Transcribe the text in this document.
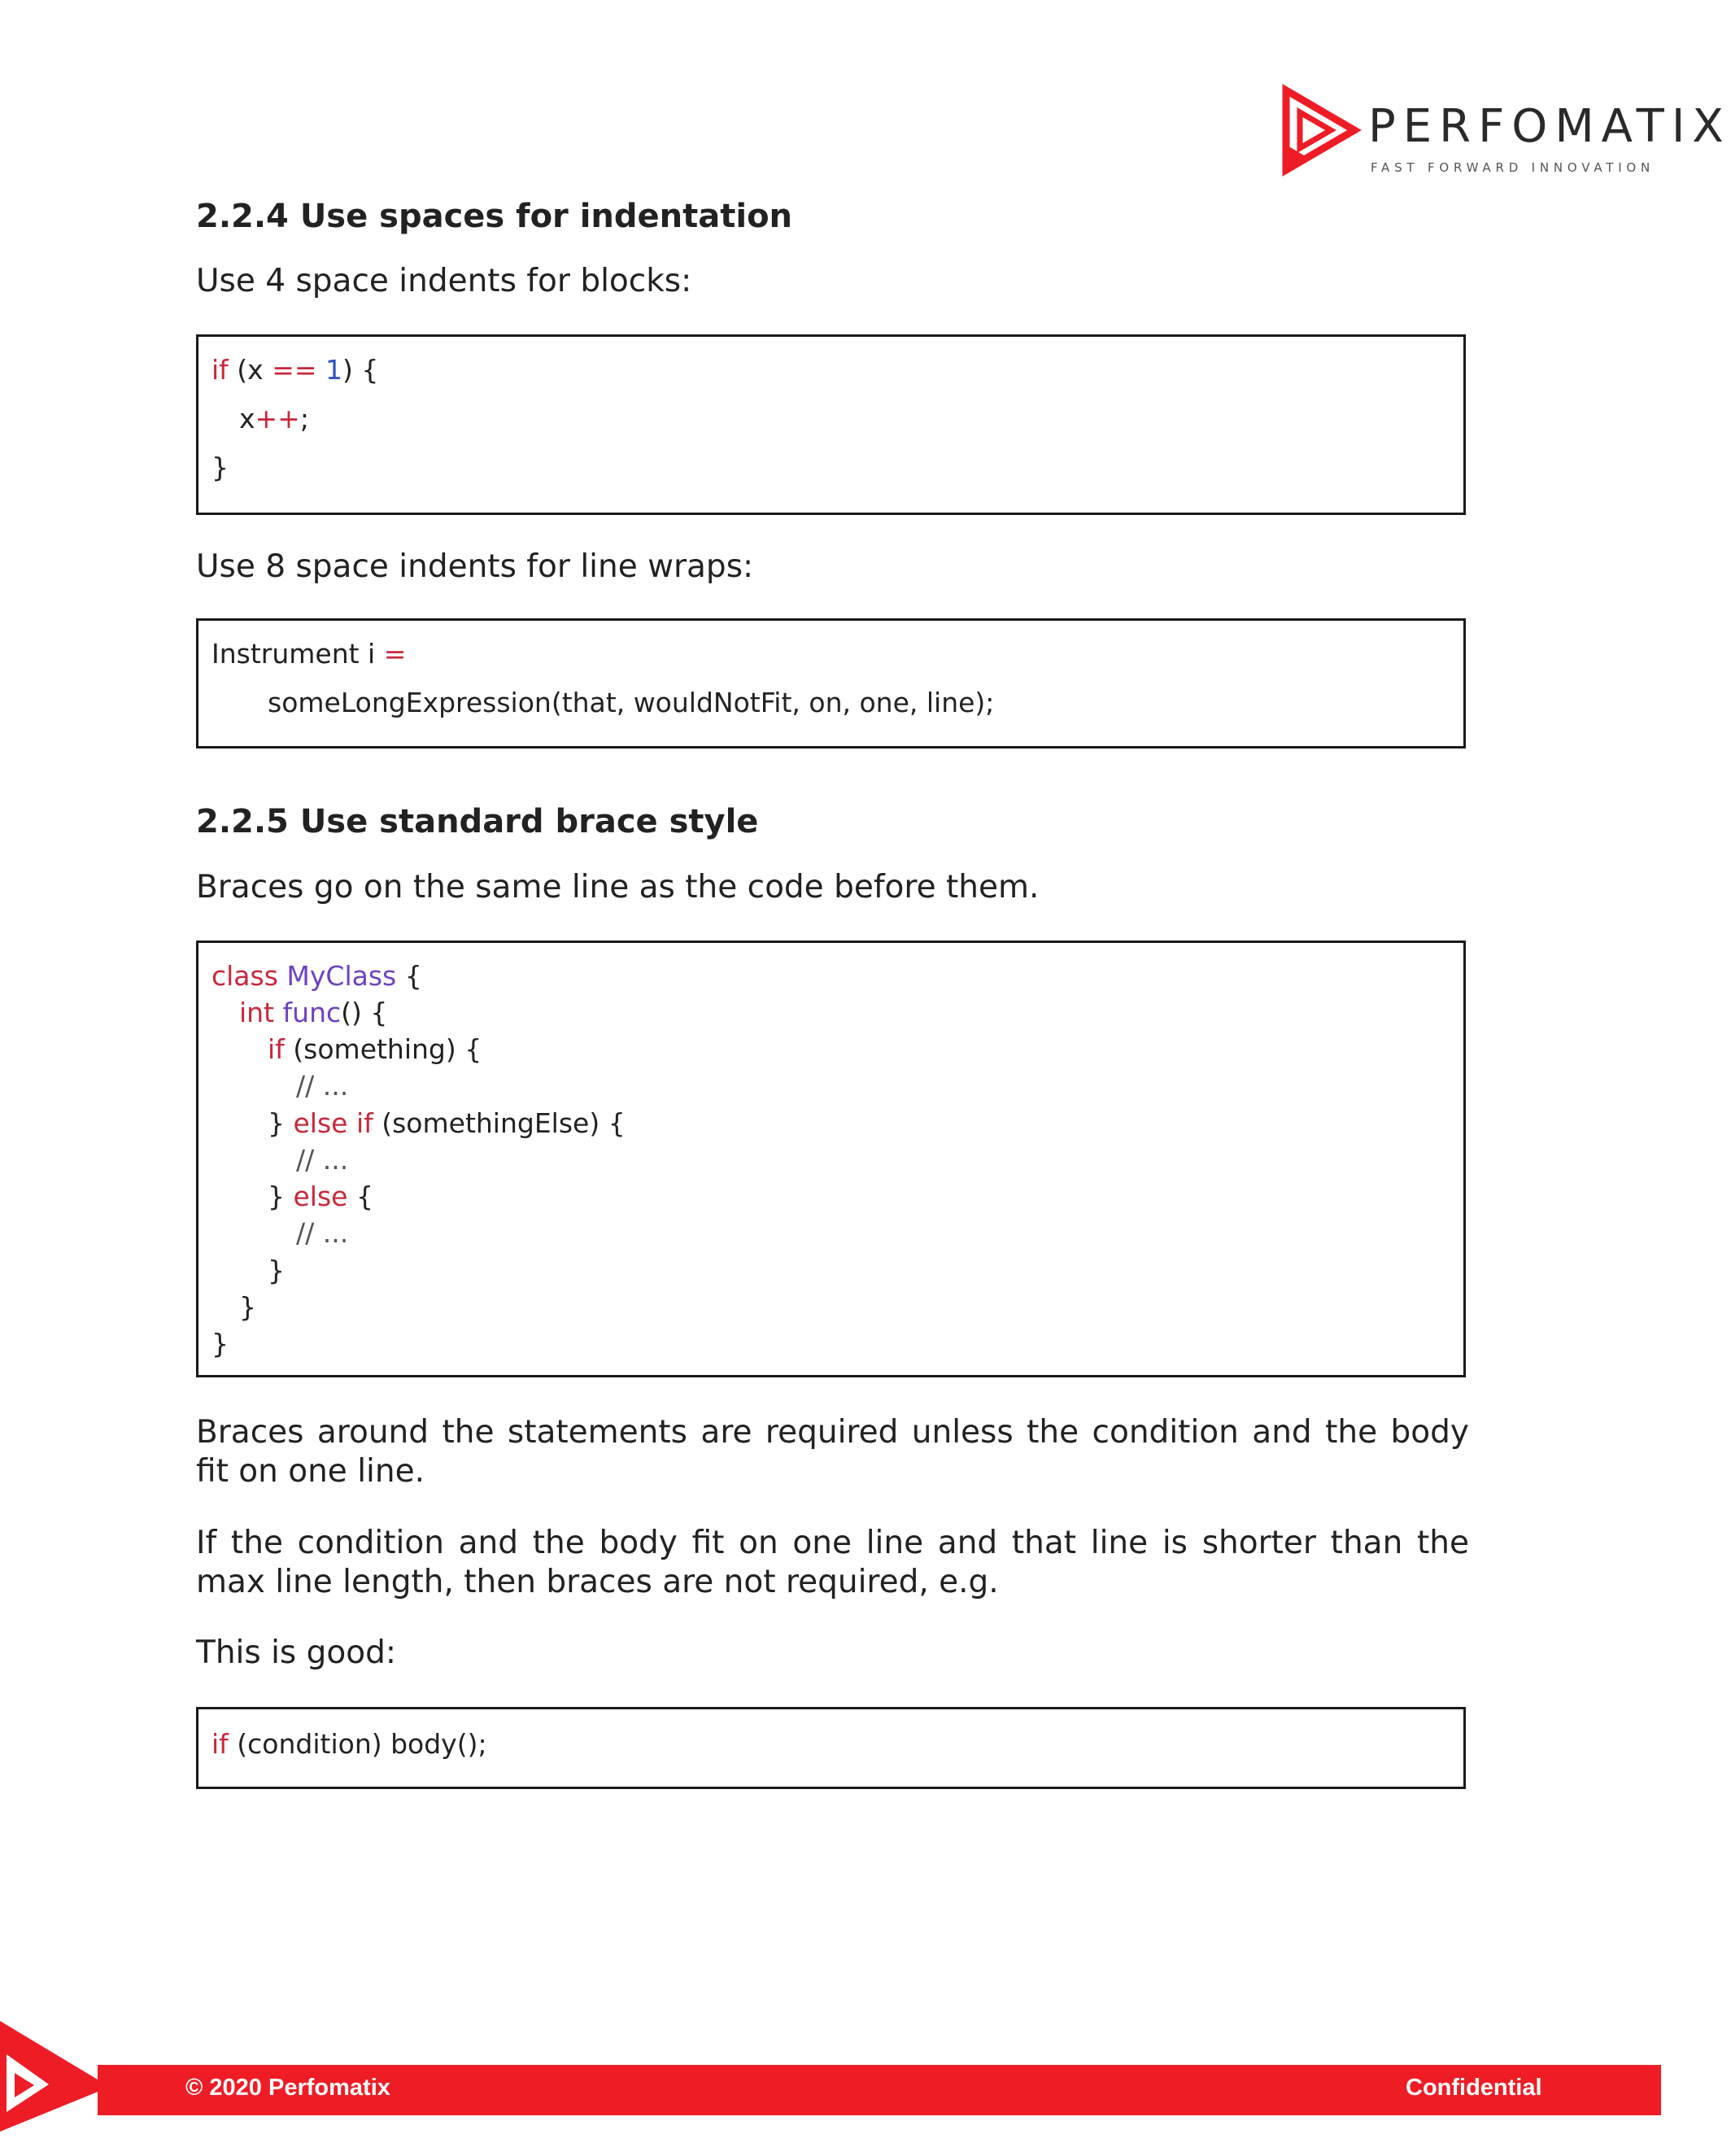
PERFOMATIX
FAST FORWARD INNOVATION
2.2.4 Use spaces for indentation

Use 4 space indents for blocks:

if (x == 1) {
x++;
}

Use 8 space indents for line wraps:

Instrument i =
someLongExpression(that, wouldNotFit, on, one, line);
2.2.5 Use standard brace style

Braces go on the same line as the code before them.

class MyClass {
int func() {
if (something) {
// ...
} else if (somethingElse) {
// ...
} else {
// ...
}
}
}

Braces around the statements are required unless the condition and the body fit on one line.

If the condition and the body fit on one line and that line is shorter than the max line length, then braces are not required, e.g.

This is good:

if (condition) body();
© 2020 Perfomatix	Confidential
